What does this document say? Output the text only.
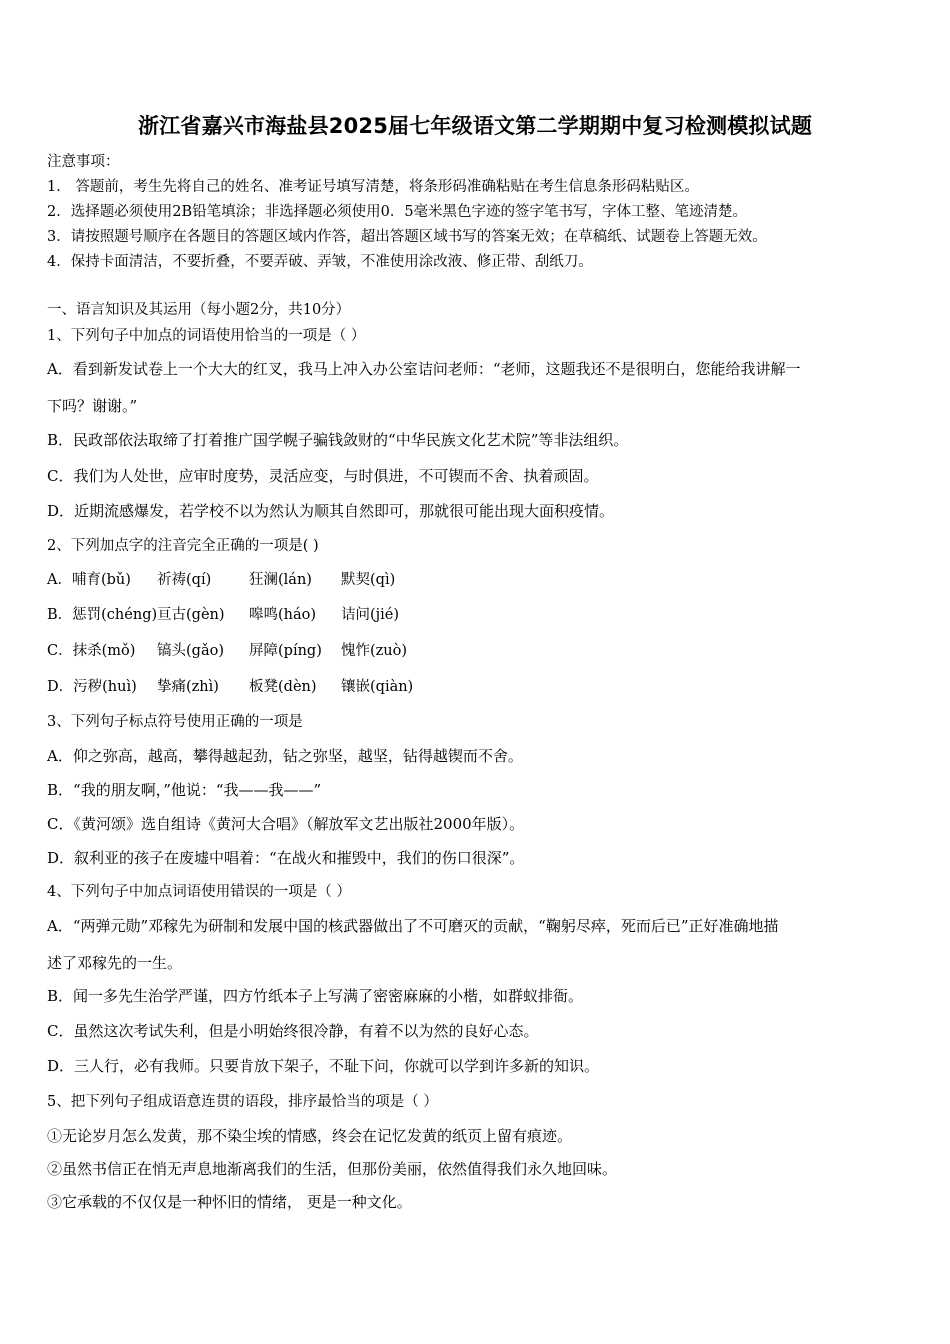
浙江省嘉兴市海盐县2025届七年级语文第二学期期中复习检测模拟试题
注意事项：
1． 答题前，考生先将自己的姓名、准考证号填写清楚，将条形码准确粘贴在考生信息条形码粘贴区。
2．选择题必须使用2B铅笔填涂；非选择题必须使用0．5毫米黑色字迹的签字笔书写，字体工整、笔迹清楚。
3．请按照题号顺序在各题目的答题区域内作答，超出答题区域书写的答案无效；在草稿纸、试题卷上答题无效。
4．保持卡面清洁，不要折叠，不要弄破、弄皱，不准使用涂改液、修正带、刮纸刀。
一、语言知识及其运用（每小题2分，共10分）
1、下列句子中加点的词语使用恰当的一项是（ ）
A．看到新发试卷上一个大大的红叉，我马上冲入办公室诘问老师：“老师，这题我还不是很明白，您能给我讲解一
下吗？谢谢。”
B．民政部依法取缔了打着推广国学幌子骗钱敛财的“中华民族文化艺术院”等非法组织。
C．我们为人处世，应审时度势，灵活应变，与时俱进，不可锲而不舍、执着顽固。
D．近期流感爆发，若学校不以为然认为顺其自然即可，那就很可能出现大面积疫情。
2、下列加点字的注音完全正确的一项是( )
A．哺育(bǔ) 祈祷(qí)	狂澜(lán) 默契(qì)
B．惩罚(chéng)亘古(gèn) 嗥鸣(háo) 诘问(jié)
C．抹杀(mǒ) 镐头(gǎo) 屏障(píng) 愧怍(zuò)
D．污秽(huì) 挚痛(zhì) 板凳(dèn) 镶嵌(qiàn)
3、下列句子标点符号使用正确的一项是
A．仰之弥高，越高，攀得越起劲，钻之弥坚，越坚，钻得越锲而不舍。
B．“我的朋友啊，”他说：“我——我——”
C．《黄河颂》选自组诗《黄河大合唱》（解放军文艺出版社2000年版）。
D．叙利亚的孩子在废墟中唱着：“在战火和摧毁中，我们的伤口很深”。
4、下列句子中加点词语使用错误的一项是（ ）
A．“两弹元勋”邓稼先为研制和发展中国的核武器做出了不可磨灭的贡献，“鞠躬尽瘁，死而后已”正好准确地描
述了邓稼先的一生。
B．闻一多先生治学严谨，四方竹纸本子上写满了密密麻麻的小楷，如群蚁排衙。
C．虽然这次考试失利，但是小明始终很冷静，有着不以为然的良好心态。
D．三人行，必有我师。只要肯放下架子，不耻下问，你就可以学到许多新的知识。
5、把下列句子组成语意连贯的语段，排序最恰当的项是（ ）
①无论岁月怎么发黄，那不染尘埃的情感，终会在记忆发黄的纸页上留有痕迹。
②虽然书信正在悄无声息地渐离我们的生活，但那份美丽，依然值得我们永久地回味。
③它承载的不仅仅是一种怀旧的情绪， 更是一种文化。
